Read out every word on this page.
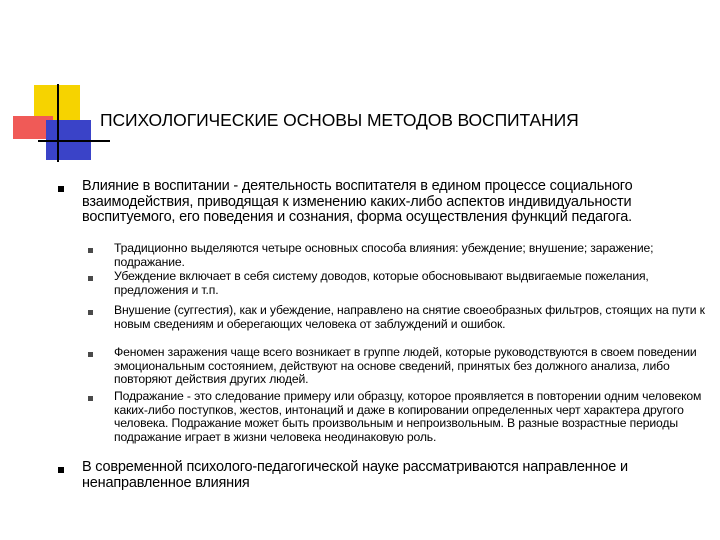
ПСИХОЛОГИЧЕСКИЕ ОСНОВЫ МЕТОДОВ ВОСПИТАНИЯ
Влияние в воспитании - деятельность воспитателя в едином процессе социального взаимодействия, приводящая к изменению каких-либо аспектов индивидуальности воспитуемого, его поведения и сознания, форма осуществления функций педагога.
Традиционно выделяются четыре основных способа влияния: убеждение; внушение; заражение; подражание.
Убеждение включает в себя систему доводов, которые обосновывают выдвигаемые пожелания, предложения и т.п.
Внушение (суггестия), как и убеждение, направлено на снятие своеобразных фильтров, стоящих на пути к новым сведениям и оберегающих человека от заблуждений и ошибок.
Феномен заражения чаще всего возникает в группе людей, которые руководствуются в своем поведении эмоциональным состоянием, действуют на основе сведений, принятых без должного анализа, либо повторяют действия других людей.
Подражание - это следование примеру или образцу, которое проявляется в повторении одним человеком каких-либо поступков, жестов, интонаций и даже в копировании определенных черт характера другого человека. Подражание может быть произвольным и непроизвольным. В разные возрастные периоды подражание играет в жизни человека неодинаковую роль.
В современной психолого-педагогической науке рассматриваются направленное и ненаправленное влияния
